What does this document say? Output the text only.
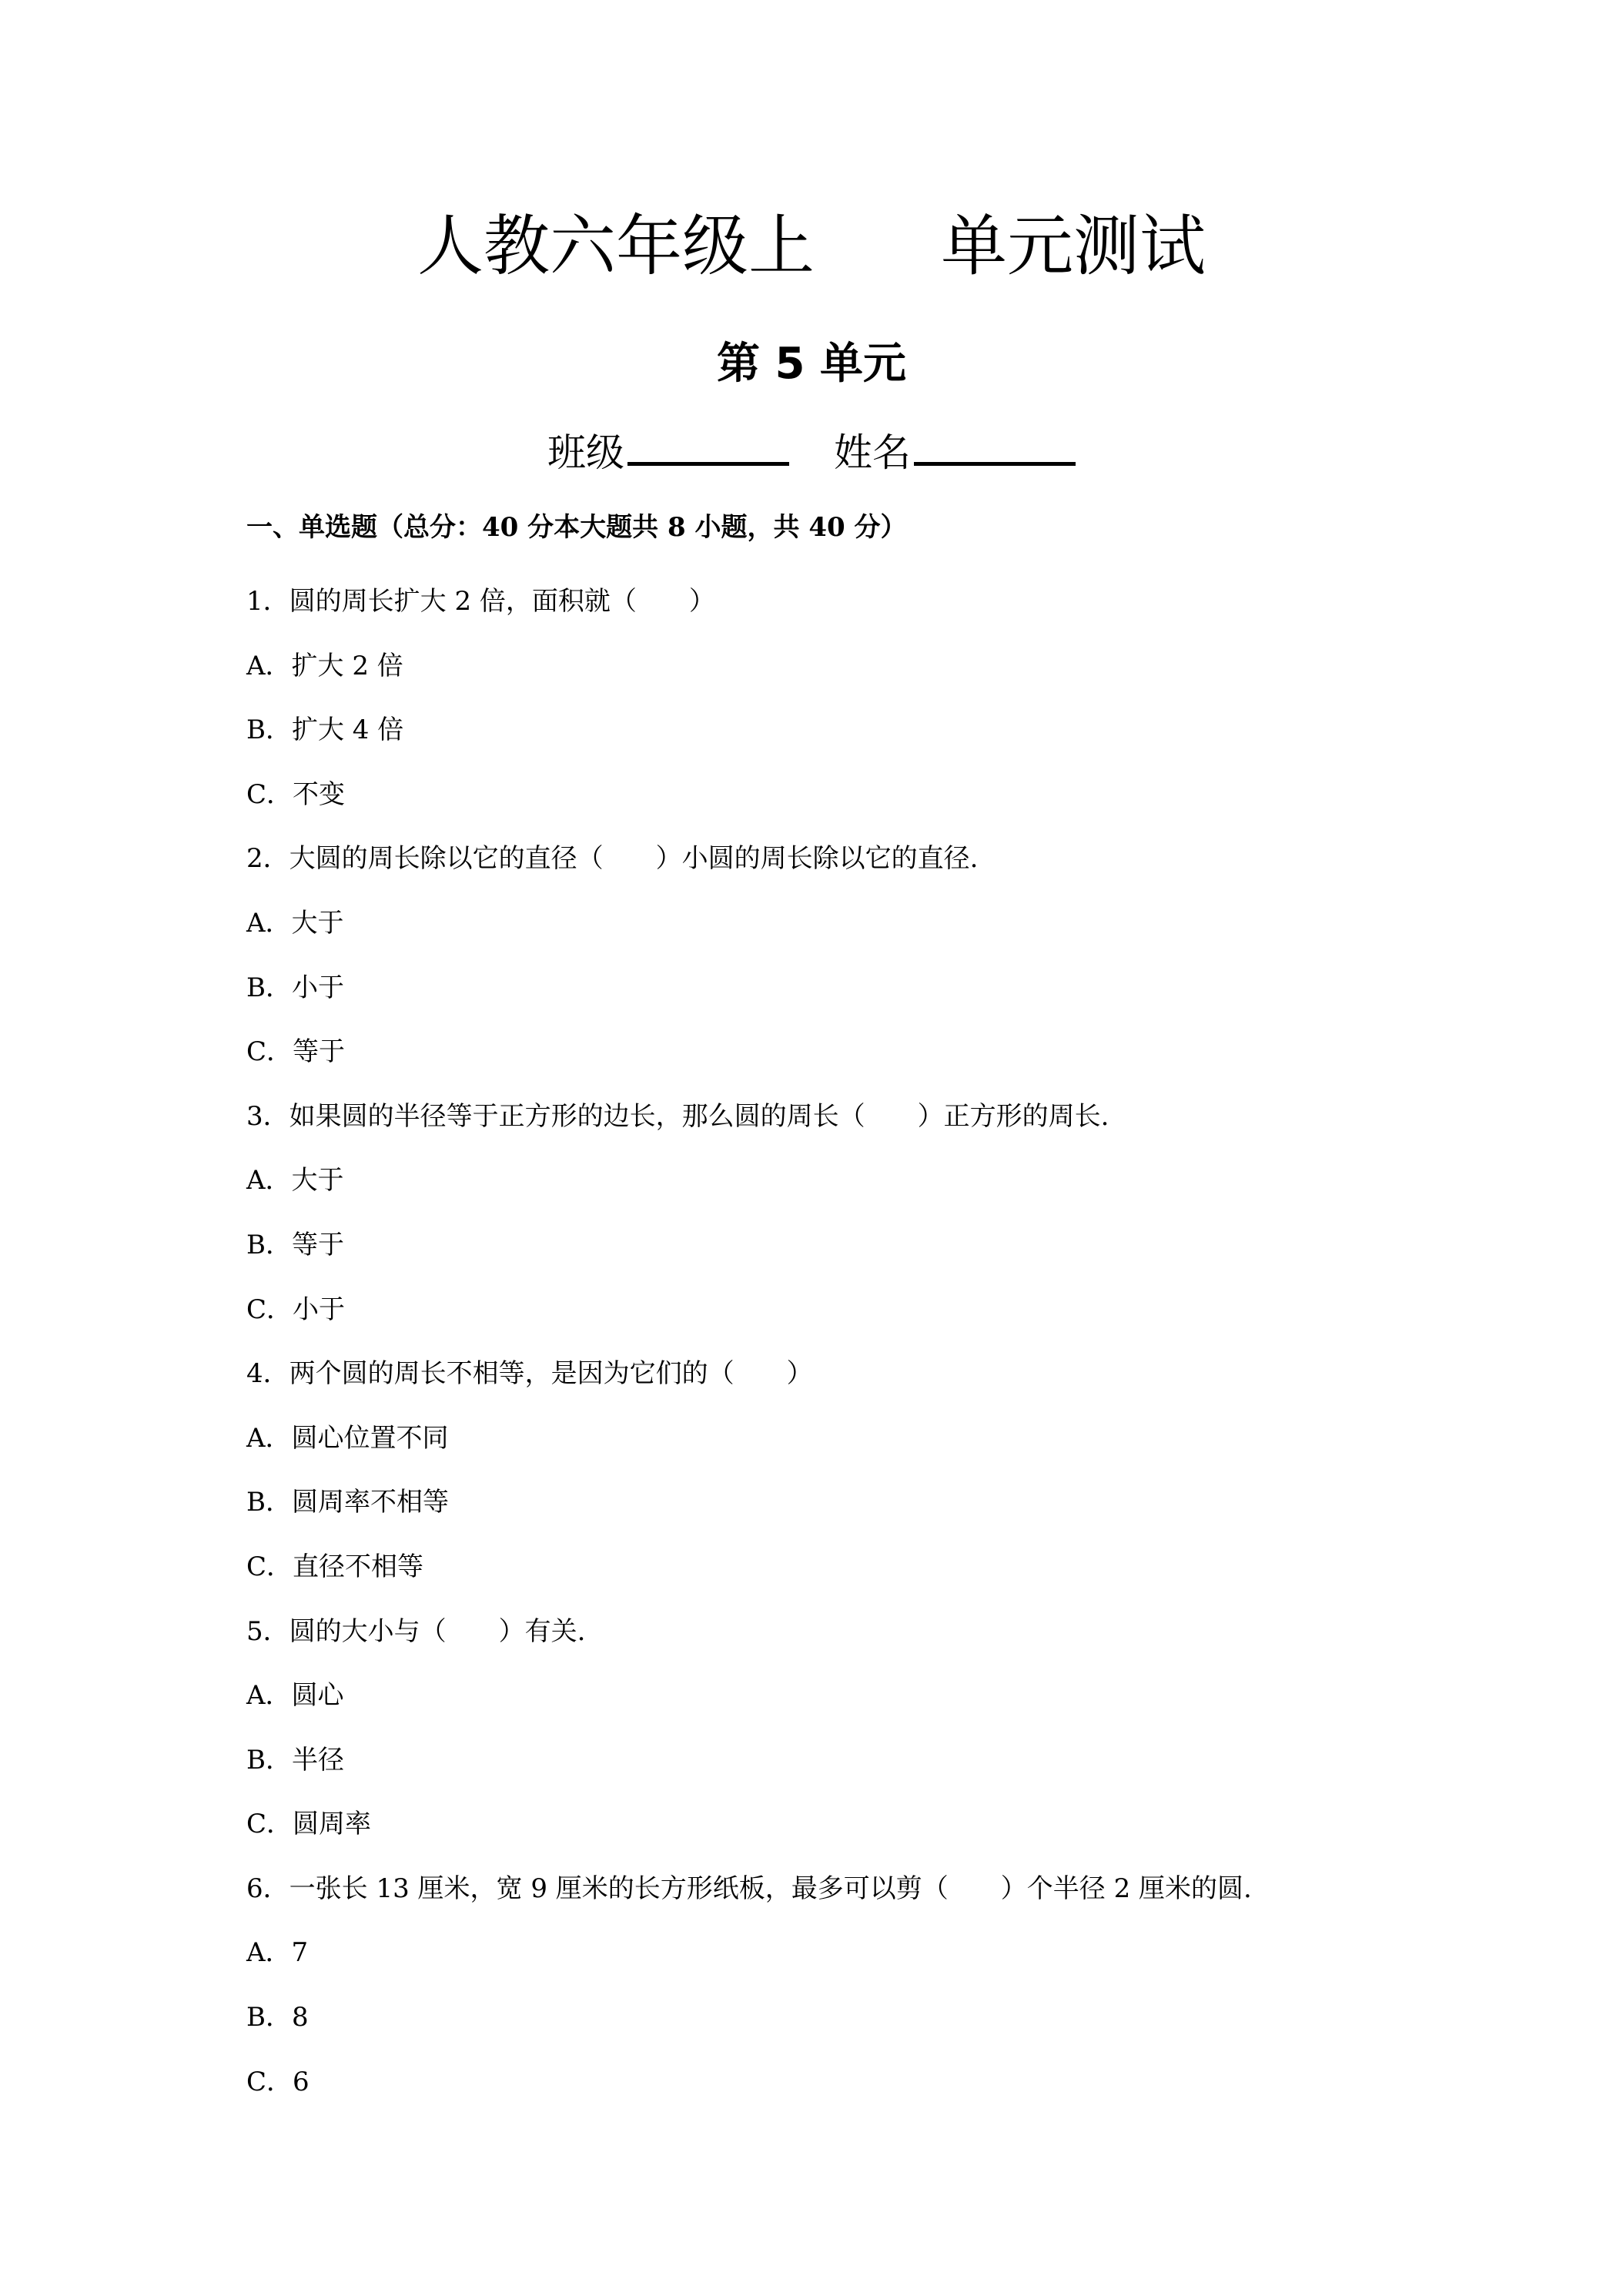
人教六年级上      单元测试
第 5 单元
班级	姓名
一、单选题（总分：40 分本大题共 8 小题，共 40 分）
1．圆的周长扩大 2 倍，面积就（　　）
A．扩大 2 倍
B．扩大 4 倍
C．不变
2．大圆的周长除以它的直径（　　）小圆的周长除以它的直径.
A．大于
B．小于
C．等于
3．如果圆的半径等于正方形的边长，那么圆的周长（　　）正方形的周长.
A．大于
B．等于
C．小于
4．两个圆的周长不相等，是因为它们的（　　）
A．圆心位置不同
B．圆周率不相等
C．直径不相等
5．圆的大小与（　　）有关.
A．圆心
B．半径
C．圆周率
6．一张长 13 厘米，宽 9 厘米的长方形纸板，最多可以剪（　　）个半径 2 厘米的圆.
A．7
B．8
C．6
